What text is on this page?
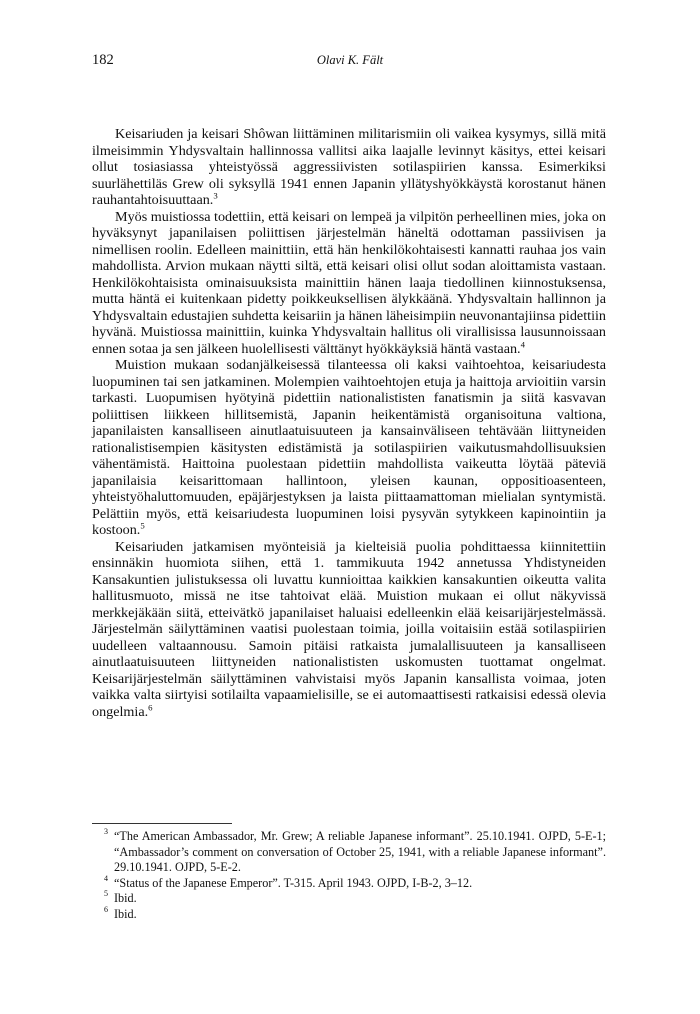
182	Olavi K. Fält

Keisariuden ja keisari Shôwan liittäminen militarismiin oli vaikea kysymys, sillä mitä ilmeisimmin Yhdysvaltain hallinnossa vallitsi aika laajalle levinnyt käsitys, ettei keisari ollut tosiasiassa yhteistyössä aggressiivisten sotilaspiirien kanssa. Esimerkiksi suurlähettiläs Grew oli syksyllä 1941 ennen Japanin yllätyshyökkäystä korostanut hänen rauhantahtoisuuttaan.$^3$

Myös muistiossa todettiin, että keisari on lempeä ja vilpitön perheellinen mies, joka on hyväksynyt japanilaisen poliittisen järjestelmän häneltä odottaman passiivisen ja nimellisen roolin. Edelleen mainittiin, että hän henkilökohtaisesti kannatti rauhaa jos vain mahdollista. Arvion mukaan näytti siltä, että keisari olisi ollut sodan aloittamista vastaan. Henkilökohtaisista ominaisuuksista mainittiin hänen laaja tiedollinen kiinnostuksensa, mutta häntä ei kuitenkaan pidetty poikkeuksellisen älykkäänä. Yhdysvaltain hallinnon ja Yhdysvaltain edustajien suhdetta keisariin ja hänen läheisimpiin neuvonantajiinsa pidettiin hyvänä. Muistiossa mainittiin, kuinka Yhdysvaltain hallitus oli virallisissa lausunnoissaan ennen sotaa ja sen jälkeen huolellisesti välttänyt hyökkäyksiä häntä vastaan.$^4$

Muistion mukaan sodanjälkeisessä tilanteessa oli kaksi vaihtoehtoa, keisariudesta luopuminen tai sen jatkaminen. Molempien vaihtoehtojen etuja ja haittoja arvioitiin varsin tarkasti. Luopumisen hyötyinä pidettiin nationalististen fanatismin ja siitä kasvavan poliittisen liikkeen hillitsemistä, Japanin heikentämistä organisoituna valtiona, japanilaisten kansalliseen ainutlaatuisuuteen ja kansainväliseen tehtävään liittyneiden rationalistisempien käsitysten edistämistä ja sotilaspiirien vaikutusmahdollisuuksien vähentämistä. Haittoina puolestaan pidettiin mahdollista vaikeutta löytää päteviä japanilaisia keisarittomaan hallintoon, yleisen kaunan, oppositioasenteen, yhteistyöhaluttomuuden, epäjärjestyksen ja laista piittaamattoman mielialan syntymistä. Pelättiin myös, että keisariudesta luopuminen loisi pysyvän sytykkeen kapinointiin ja kostoon.$^5$

Keisariuden jatkamisen myönteisiä ja kielteisiä puolia pohdittaessa kiinnitettiin ensinnäkin huomiota siihen, että 1. tammikuuta 1942 annetussa Yhdistyneiden Kansakuntien julistuksessa oli luvattu kunnioittaa kaikkien kansakuntien oikeutta valita hallitusmuoto, missä ne itse tahtoivat elää. Muistion mukaan ei ollut näkyvissä merkkejäkään siitä, etteivätkö japanilaiset haluaisi edelleenkin elää keisarijärjestelmässä. Järjestelmän säilyttäminen vaatisi puolestaan toimia, joilla voitaisiin estää sotilaspiirien uudelleen valtaannousu. Samoin pitäisi ratkaista jumalallisuuteen ja kansalliseen ainutlaatuisuuteen liittyneiden nationalististen uskomusten tuottamat ongelmat. Keisarijärjestelmän säilyttäminen vahvistaisi myös Japanin kansallista voimaa, joten vaikka valta siirtyisi sotilailta vapaamielisille, se ei automaattisesti ratkaisisi edessä olevia ongelmia.$^6$

3 “The American Ambassador, Mr. Grew; A reliable Japanese informant”. 25.10.1941. OJPD, 5-E-1; “Ambassador’s comment on conversation of October 25, 1941, with a reliable Japanese informant”. 29.10.1941. OJPD, 5-E-2.
4 “Status of the Japanese Emperor”. T-315. April 1943. OJPD, I-B-2, 3–12.
5 Ibid.
6 Ibid.
